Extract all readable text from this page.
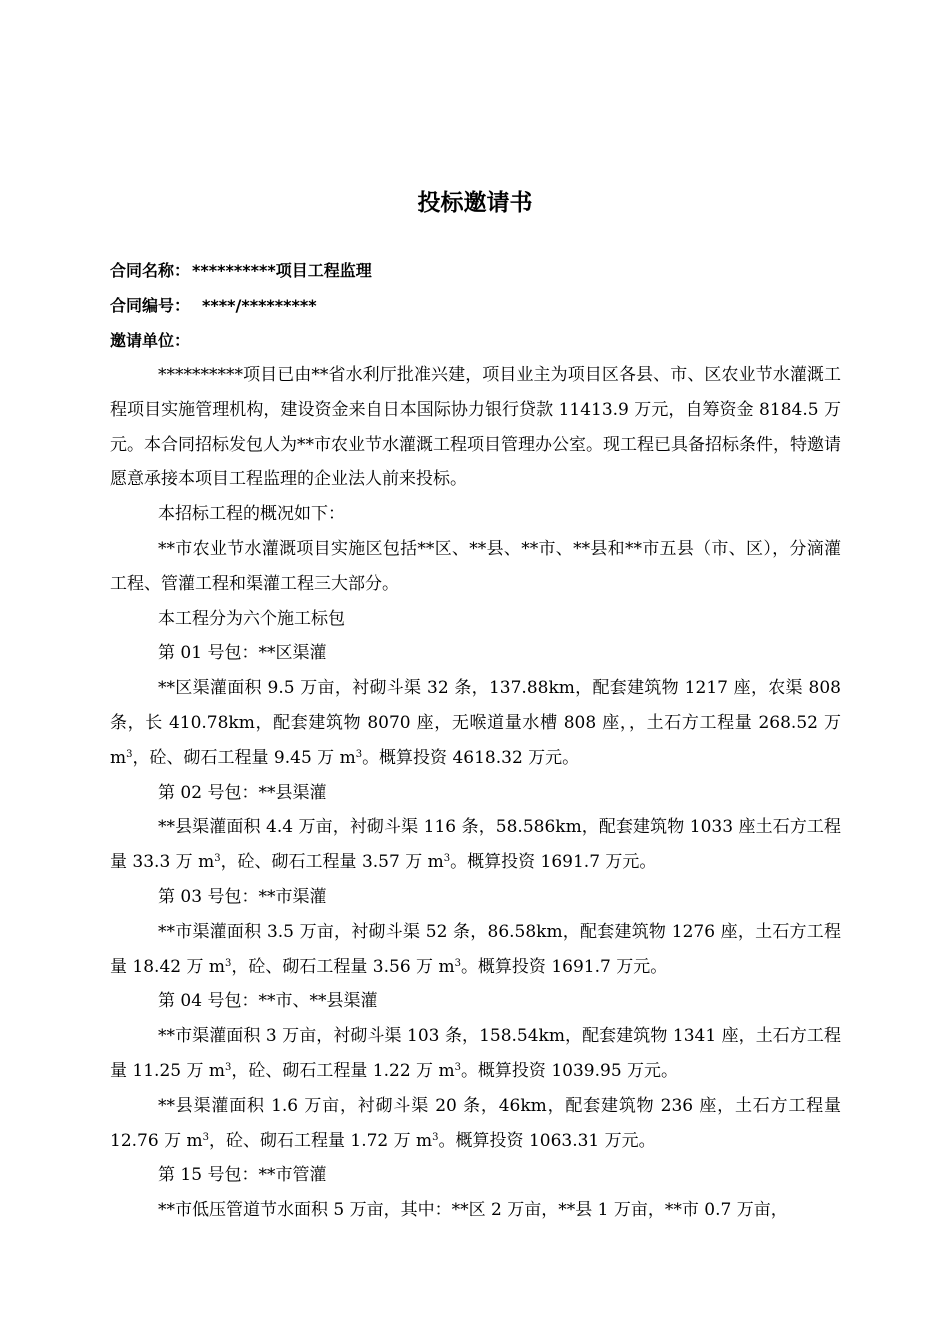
投标邀请书
合同名称： **********项目工程监理
合同编号： ****/*********
邀请单位：

**********项目已由**省水利厅批准兴建，项目业主为项目区各县、市、区农业节水灌溉工程项目实施管理机构，建设资金来自日本国际协力银行贷款 11413.9 万元，自筹资金 8184.5 万元。本合同招标发包人为**市农业节水灌溉工程项目管理办公室。现工程已具备招标条件，特邀请愿意承接本项目工程监理的企业法人前来投标。

本招标工程的概况如下：

**市农业节水灌溉项目实施区包括**区、**县、**市、**县和**市五县（市、区），分滴灌工程、管灌工程和渠灌工程三大部分。

本工程分为六个施工标包

第 01 号包：**区渠灌

**区渠灌面积 9.5 万亩，衬砌斗渠 32 条，137.88km，配套建筑物 1217 座，农渠 808 条，长 410.78km，配套建筑物 8070 座，无喉道量水槽 808 座，，土石方工程量 268.52 万 $m^3$，砼、砌石工程量 9.45 万 $m^3$。概算投资 4618.32 万元。

第 02 号包：**县渠灌

**县渠灌面积 4.4 万亩，衬砌斗渠 116 条，58.586km，配套建筑物 1033 座土石方工程量 33.3 万 $m^3$，砼、砌石工程量 3.57 万 $m^3$。概算投资 1691.7 万元。

第 03 号包：**市渠灌

**市渠灌面积 3.5 万亩，衬砌斗渠 52 条，86.58km，配套建筑物 1276 座，土石方工程量 18.42 万 $m^3$，砼、砌石工程量 3.56 万 $m^3$。概算投资 1691.7 万元。

第 04 号包：**市、**县渠灌

**市渠灌面积 3 万亩，衬砌斗渠 103 条，158.54km，配套建筑物 1341 座，土石方工程量 11.25 万 $m^3$，砼、砌石工程量 1.22 万 $m^3$。概算投资 1039.95 万元。

**县渠灌面积 1.6 万亩，衬砌斗渠 20 条，46km，配套建筑物 236 座，土石方工程量 12.76 万 $m^3$，砼、砌石工程量 1.72 万 $m^3$。概算投资 1063.31 万元。

第 15 号包：**市管灌

**市低压管道节水面积 5 万亩，其中：**区 2 万亩，**县 1 万亩，**市 0.7 万亩，
